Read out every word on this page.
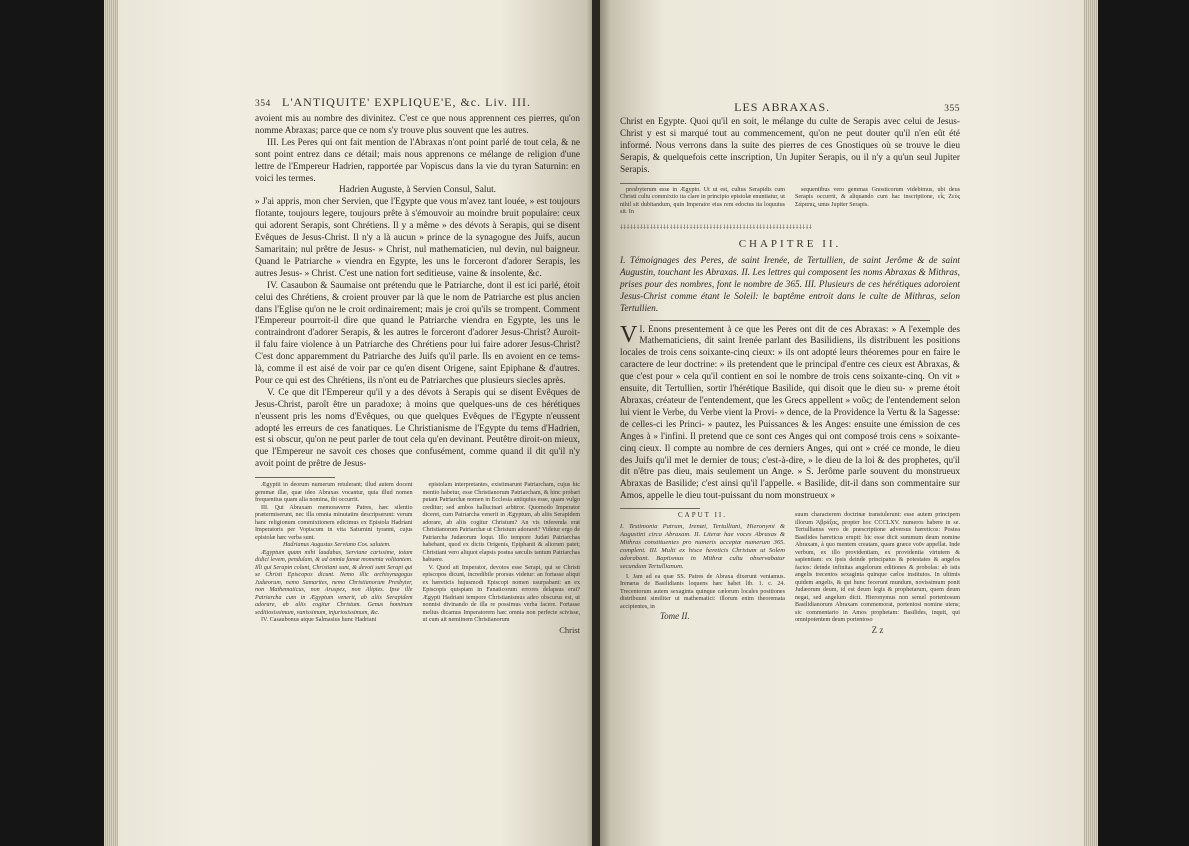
354 L'ANTIQUITE' EXPLIQUE'E, &c. Liv. III.

avoient mis au nombre des divinitez. C'est ce que nous apprennent ces pierres, qu'on nomme Abraxas; parce que ce nom s'y trouve plus souvent que les autres.

III. Les Peres qui ont fait mention de l'Abraxas n'ont point parlé de tout cela, & ne sont point entrez dans ce détail; mais nous apprenons ce mélange de religion d'une lettre de l'Empereur Hadrien, rapportée par Vopiscus dans la vie du tyran Saturnin: en voici les termes.

Hadrien Auguste, à Servien Consul, Salut.

» J'ai appris, mon cher Servien, que l'Egypte que vous m'avez tant louée, » est toujours flotante, toujours legere, toujours prête à s'émouvoir au moindre bruit populaire: ceux qui adorent Serapis, sont Chrétiens. Il y a même » des dévots à Serapis, qui se disent Evêques de Jesus-Christ. Il n'y a là aucun » prince de la synagogue des Juifs, aucun Samaritain; nul prêtre de Jesus- » Christ, nul mathematicien, nul devin, nul baigneur. Quand le Patriarche » viendra en Egypte, les uns le forceront d'adorer Serapis, les autres Jesus- » Christ. C'est une nation fort seditieuse, vaine & insolente, &c.

IV. Casaubon & Saumaise ont prétendu que le Patriarche, dont il est ici parlé, étoit celui des Chrétiens, & croient prouver par là que le nom de Patriarche est plus ancien dans l'Eglise qu'on ne le croit ordinairement; mais je croi qu'ils se trompent. Comment l'Empereur pourroit-il dire que quand le Patriarche viendra en Egypte, les uns le contraindront d'adorer Serapis, & les autres le forceront d'adorer Jesus-Christ? Auroit-il falu faire violence à un Patriarche des Chrétiens pour lui faire adorer Jesus-Christ? C'est donc apparemment du Patriarche des Juifs qu'il parle. Ils en avoient en ce tems-là, comme il est aisé de voir par ce qu'en disent Origene, saint Epiphane & d'autres. Pour ce qui est des Chrétiens, ils n'ont eu de Patriarches que plusieurs siecles après.

V. Ce que dit l'Empereur qu'il y a des dévots à Serapis qui se disent Evêques de Jesus-Christ, paroît être un paradoxe; à moins que quelques-uns de ces hérétiques n'eussent pris les noms d'Evêques, ou que quelques Evêques de l'Egypte n'eussent adopté les erreurs de ces fanatiques. Le Christianisme de l'Egypte du tems d'Hadrien, est si obscur, qu'on ne peut parler de tout cela qu'en devinant. Peutêtre diroit-on mieux, que l'Empereur ne savoit ces choses que confusément, comme quand il dit qu'il n'y avoit point de prêtre de Jesus-

Ægyptii in deorum numerum retulerant; illud autem docent gemmæ illæ, quæ ideo Abraxas vocantur, quia illud nomen frequentius quam alia nomina, ibi occurrit.

III. Qui Abraxam memoraverre Patres, hæc silentio prætermiserunt, nec illa omnia minutatim descripserunt: verum hanc religionum commixtionem edicimus ex Epistola Hadriani Imperatoris per Vopiscum in vita Saturnini tyranni, cujus epistolæ hæc verba sunt.

Hadrianus Augustus Serviano Cos. salutem.

Ægyptum quam mihi laudabas, Serviane carissime, totam didici levem, pendulam, & ad omnia famæ momenta volitantem. Illi qui Serapin colunt, Christiani sunt, & devoti sunt Serapi qui se Christi Episcopos dicunt. Nemo illic archisynagogus Judæorum, nemo Samarites, nemo Christianorum Presbyter, non Mathematicus, non Aruspex, non Aliptes. Ipse ille Patriarcha cum in Ægyptum venerit, ab aliis Serapidem adorare, ab aliis cogitur Christum. Genus hominum seditiosissimum, vanissimum, injuriosissimum, &c.

IV. Casaubonus atque Salmasius hunc Hadriani

epistolam interpretantes, existimarunt Patriarcham, cujus hic mentio habetur, esse Christianorum Patriarcham, & hinc probari putant Patriarchæ nomen in Ecclesia antiquius esse, quam vulgo creditur; sed ambos hallucinari arbitror. Quomodo Imperator diceret, cum Patriarcha venerit in Ægyptum, ab aliis Serapidem adorare, ab aliis cogitur Christum? An vis inferenda erat Christianorum Patriarchæ ut Christum adoraret? Videtur ergo de Patriarcha Judæorum loqui. Illo tempore Judæi Patriarchas habebant, quod ex dictis Origenis, Epiphanii & aliorum patet; Christiani vero aliquot elapsis postea sæculis tantum Patriarchas habuere.

V. Quod ait Imperator, devotos esse Serapi, qui se Christi episcopos dicunt, incredibile prorsus videtur: an fortasse aliqui ex hæreticis hujusmodi Episcopi nomen usurpabant: an ex Episcopis quispiam in Fanaticorum errores delapsus erat? Ægypti Hadriani tempore Christianismus adeo obscurus est, ut nonnisi divinando de illa re possimus verba facere. Fortasse melius dicamus Imperatorem hæc omnia non perfecte scivisse, ut cum ait nemiinem Christianorum

Christ

LES ABRAXAS.	355

Christ en Egypte. Quoi qu'il en soit, le mélange du culte de Serapis avec celui de Jesus-Christ y est si marqué tout au commencement, qu'on ne peut douter qu'il n'en eût été informé. Nous verrons dans la suite des pierres de ces Gnostiques où se trouve le dieu Serapis, & quelquefois cette inscription, Un Jupiter Serapis, ou il n'y a qu'un seul Jupiter Serapis.

presbyterum esse in Ægypto. Ut ut est, cultus Serapidis cum Christi cultu commixtio ita clare in principio epistolæ enuntiatur, ut nihil sit dubitandum, quin Imperator eius rem edoctus ita loquutus sit. In

sequentibus vero gemmas Gnosticorum videbimus, ubi deus Serapis occurrit, & aliquando cum hac inscriptione, εἷς Ζεὺς Σάραπις, unus Jupiter Serapis.

⸸⸸⸸⸸⸸⸸⸸⸸⸸⸸⸸⸸⸸⸸⸸⸸⸸⸸⸸⸸⸸⸸⸸⸸⸸⸸⸸⸸⸸⸸⸸⸸⸸⸸⸸⸸⸸⸸⸸⸸⸸⸸⸸⸸⸸⸸⸸⸸⸸⸸⸸⸸⸸⸸⸸⸸⸸⸸
CHAPITRE II.
I. Témoignages des Peres, de saint Irenée, de Tertullien, de saint Jerôme & de saint Augustin, touchant les Abraxas. II. Les lettres qui composent les noms Abraxas & Mithras, prises pour des nombres, font le nombre de 365. III. Plusieurs de ces hérétiques adoroient Jesus-Christ comme étant le Soleil: le baptême entroit dans le culte de Mithras, selon Tertullien.
V I. Enons presentement à ce que les Peres ont dit de ces Abraxas: » A l'exemple des Mathematiciens, dit saint Irenée parlant des Basilidiens, ils distribuent les positions locales de trois cens soixante-cinq cieux: » ils ont adopté leurs théoremes pour en faire le caractere de leur doctrine: » ils pretendent que le principal d'entre ces cieux est Abraxas, & que c'est pour » cela qu'il contient en soi le nombre de trois cens soixante-cinq. On vit » ensuite, dit Tertullien, sortir l'hérétique Basilide, qui disoit que le dieu su- » preme étoit Abraxas, créateur de l'entendement, que les Grecs appellent » νοῦς; de l'entendement selon lui vient le Verbe, du Verbe vient la Provi- » dence, de la Providence la Vertu & la Sagesse: de celles-ci les Princi- » pautez, les Puissances & les Anges: ensuite une émission de ces Anges à » l'infini. Il pretend que ce sont ces Anges qui ont composé trois cens » soixante-cinq cieux. Il compte au nombre de ces derniers Anges, qui ont » créé ce monde, le dieu des Juifs qu'il met le dernier de tous; c'est-à-dire, » le dieu de la loi & des prophetes, qu'il dit n'être pas dieu, mais seulement un Ange. » S. Jerôme parle souvent du monstrueux Abraxas de Basilide; c'est ainsi qu'il l'appelle. « Basilide, dit-il dans son commentaire sur Amos, appelle le dieu tout-puissant du nom monstrueux »
CAPUT II.
I. Testimonia Patrum, Irenæi, Tertulliani, Hieronymi & Augustini circa Abraxam. II. Literæ hae voces Abraxas & Mithras constituentes pro numeris acceptæ numerum 365. complent. III. Multi ex hisce hereticis Christum ut Solem adorabant. Baptismus in Mithræ cultu observabatur secundum Tertullianum.

I. Jam ad ea quæ SS. Patres de Abraxa dixerunt veniamus. Irenæus de Basilidianis loquens hæc habet lib. 1. c. 24. Trecentorum autem sexaginta quinque cælorum locales positiones distribuunt similiter ut mathematici: illorum enim theoremata accipientes, in

Tome II.

suum characterem doctrinæ transtulerunt: esse autem principem illorum Ἀβράξας, propter hoc CCCLXV. numeros habere in se. Tertullianus vero de præscriptione adversus hæreticos: Postea Basilides hæreticus erupit: hic esse dicit summum deum nomine Abraxam, à quo mentem creatam, quam græce νοῦν appellat. Inde verbum, ex illo providentiam, ex providentia virtutem & sapientiam: ex ipsis deinde principatus & potestates & angelos factos: deinde infinitas angelorum editiones & probolas: ab istis angelis trecentos sexaginta quinque cælos institutos. In ultimis quidem angelis, & qui hunc fecerunt mundum, novissimum ponit Judæorum deum, id est deum legis & prophetarum, quem deum negat, sed angelum dicit. Hieronymus non semel portentosum Basilidianorum Abraxam commemorat, portentosi nomine utens; sic commentario in Amos prophetam: Basilides, inquit, qui omnipotentem deum portentoso

Z z
